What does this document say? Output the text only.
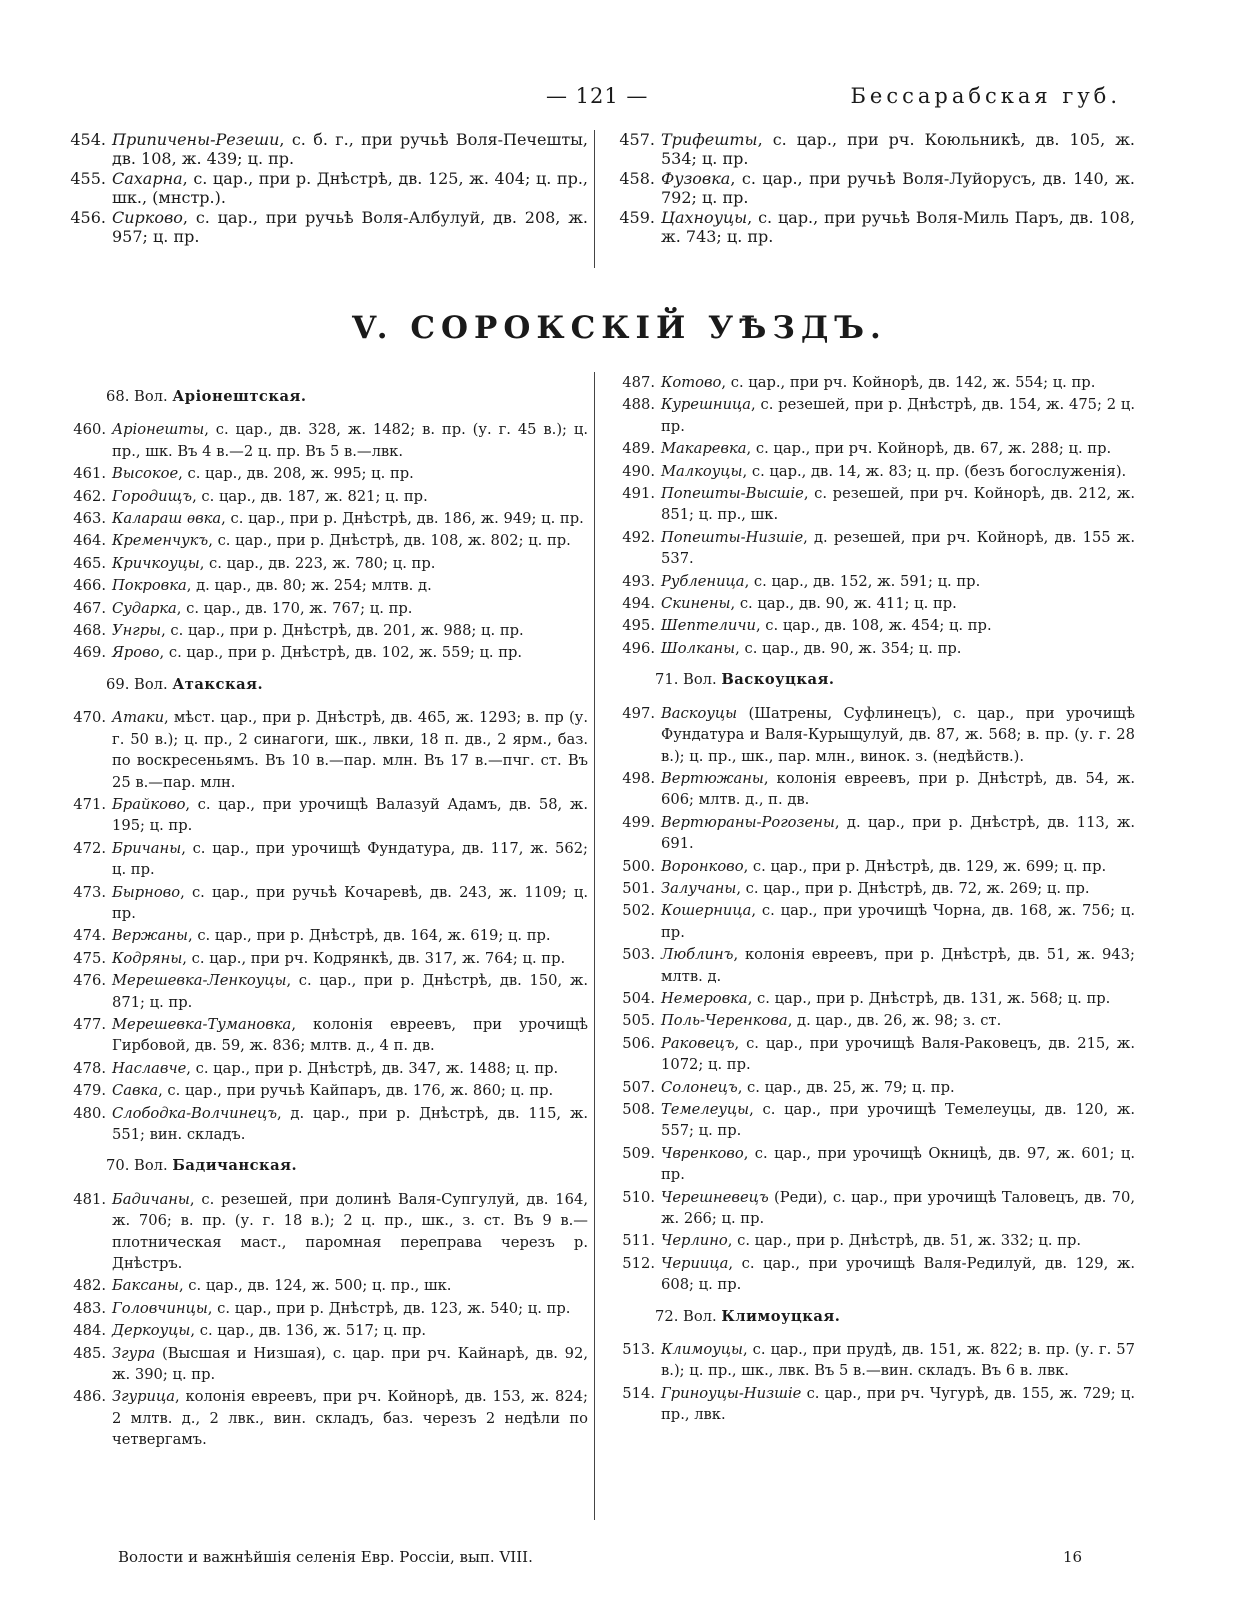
— 121 —	Бессарабская губ.
454. Припичены-Резеши, с. б. г., при ручьѣ Воля-Печешты, дв. 108, ж. 439; ц. пр.
455. Сахарна, с. цар., при р. Днѣстрѣ, дв. 125, ж. 404; ц. пр., шк., (мнстр.).
456. Сирково, с. цар., при ручьѣ Воля-Албулуй, дв. 208, ж. 957; ц. пр.
457. Трифешты, с. цар., при рч. Коюльникѣ, дв. 105, ж. 534; ц. пр.
458. Фузовка, с. цар., при ручьѣ Воля-Луйорусъ, дв. 140, ж. 792; ц. пр.
459. Цахноуцы, с. цар., при ручьѣ Воля-Миль Паръ, дв. 108, ж. 743; ц. пр.
V. СОРОКСКІЙ УѢЗДЪ.
68. Вол. Аріонештская.
460. Аріонешты, с. цар., дв. 328, ж. 1482; в. пр. (у. г. 45 в.); ц. пр., шк. Въ 4 в.—2 ц. пр. Въ 5 в.—лвк.
461. Высокое, с. цар., дв. 208, ж. 995; ц. пр.
462. Городищъ, с. цар., дв. 187, ж. 821; ц. пр.
463. Калараш ѳвка, с. цар., при р. Днѣстрѣ, дв. 186, ж. 949; ц. пр.
464. Кременчукъ, с. цар., при р. Днѣстрѣ, дв. 108, ж. 802; ц. пр.
465. Кричкоуцы, с. цар., дв. 223, ж. 780; ц. пр.
466. Покровка, д. цар., дв. 80; ж. 254; млтв. д.
467. Сударка, с. цар., дв. 170, ж. 767; ц. пр.
468. Унгры, с. цар., при р. Днѣстрѣ, дв. 201, ж. 988; ц. пр.
469. Ярово, с. цар., при р. Днѣстрѣ, дв. 102, ж. 559; ц. пр.
69. Вол. Атакская.
470. Атаки, мѣст. цар., при р. Днѣстрѣ, дв. 465, ж. 1293; в. пр (у. г. 50 в.); ц. пр., 2 синагоги, шк., лвки, 18 п. дв., 2 ярм., баз. по воскресеньямъ. Въ 10 в.—пар. млн. Въ 17 в.—пчг. ст. Въ 25 в.—пар. млн.
471. Брайково, с. цар., при урочищѣ Валазуй Адамъ, дв. 58, ж. 195; ц. пр.
472. Бричаны, с. цар., при урочищѣ Фундатура, дв. 117, ж. 562; ц. пр.
473. Бырново, с. цар., при ручьѣ Кочаревѣ, дв. 243, ж. 1109; ц. пр.
474. Вержаны, с. цар., при р. Днѣстрѣ, дв. 164, ж. 619; ц. пр.
475. Кодряны, с. цар., при рч. Кодрянкѣ, дв. 317, ж. 764; ц. пр.
476. Мерешевка-Ленкоуцы, с. цар., при р. Днѣстрѣ, дв. 150, ж. 871; ц. пр.
477. Мерешевка-Тумановка, колонія евреевъ, при урочищѣ Гирбовой, дв. 59, ж. 836; млтв. д., 4 п. дв.
478. Наславче, с. цар., при р. Днѣстрѣ, дв. 347, ж. 1488; ц. пр.
479. Савка, с. цар., при ручьѣ Кайпаръ, дв. 176, ж. 860; ц. пр.
480. Слободка-Волчинецъ, д. цар., при р. Днѣстрѣ, дв. 115, ж. 551; вин. складъ.
70. Вол. Бадичанская.
481. Бадичаны, с. резешей, при долинѣ Валя-Супгулуй, дв. 164, ж. 706; в. пр. (у. г. 18 в.); 2 ц. пр., шк., з. ст. Въ 9 в.—плотническая маст., паромная переправа черезъ р. Днѣстръ.
482. Баксаны, с. цар., дв. 124, ж. 500; ц. пр., шк.
483. Головчинцы, с. цар., при р. Днѣстрѣ, дв. 123, ж. 540; ц. пр.
484. Деркоуцы, с. цар., дв. 136, ж. 517; ц. пр.
485. Згура (Высшая и Низшая), с. цар. при рч. Кайнарѣ, дв. 92, ж. 390; ц. пр.
486. Згурица, колонія евреевъ, при рч. Койнорѣ, дв. 153, ж. 824; 2 млтв. д., 2 лвк., вин. складъ, баз. черезъ 2 недѣли по четвергамъ.
487. Котово, с. цар., при рч. Койнорѣ, дв. 142, ж. 554; ц. пр.
488. Курешница, с. резешей, при р. Днѣстрѣ, дв. 154, ж. 475; 2 ц. пр.
489. Макаревка, с. цар., при рч. Койнорѣ, дв. 67, ж. 288; ц. пр.
490. Малкоуцы, с. цар., дв. 14, ж. 83; ц. пр. (безъ богослуженія).
491. Попешты-Высшіе, с. резешей, при рч. Койнорѣ, дв. 212, ж. 851; ц. пр., шк.
492. Попешты-Низшіе, д. резешей, при рч. Койнорѣ, дв. 155 ж. 537.
493. Рубленица, с. цар., дв. 152, ж. 591; ц. пр.
494. Скинены, с. цар., дв. 90, ж. 411; ц. пр.
495. Шептеличи, с. цар., дв. 108, ж. 454; ц. пр.
496. Шолканы, с. цар., дв. 90, ж. 354; ц. пр.
71. Вол. Васкоуцкая.
497. Васкоуцы (Шатрены, Суфлинецъ), с. цар., при урочищѣ Фундатура и Валя-Курыщулуй, дв. 87, ж. 568; в. пр. (у. г. 28 в.); ц. пр., шк., пар. млн., винок. з. (недѣйств.).
498. Вертюжаны, колонія евреевъ, при р. Днѣстрѣ, дв. 54, ж. 606; млтв. д., п. дв.
499. Вертюраны-Рогозены, д. цар., при р. Днѣстрѣ, дв. 113, ж. 691.
500. Воронково, с. цар., при р. Днѣстрѣ, дв. 129, ж. 699; ц. пр.
501. Залучаны, с. цар., при р. Днѣстрѣ, дв. 72, ж. 269; ц. пр.
502. Кошерница, с. цар., при урочищѣ Чорна, дв. 168, ж. 756; ц. пр.
503. Люблинъ, колонія евреевъ, при р. Днѣстрѣ, дв. 51, ж. 943; млтв. д.
504. Немеровка, с. цар., при р. Днѣстрѣ, дв. 131, ж. 568; ц. пр.
505. Поль-Черенкова, д. цар., дв. 26, ж. 98; з. ст.
506. Раковецъ, с. цар., при урочищѣ Валя-Раковецъ, дв. 215, ж. 1072; ц. пр.
507. Солонецъ, с. цар., дв. 25, ж. 79; ц. пр.
508. Темелеуцы, с. цар., при урочищѣ Темелеуцы, дв. 120, ж. 557; ц. пр.
509. Чвренково, с. цар., при урочищѣ Окницѣ, дв. 97, ж. 601; ц. пр.
510. Черешневецъ (Реди), с. цар., при урочищѣ Таловецъ, дв. 70, ж. 266; ц. пр.
511. Черлино, с. цар., при р. Днѣстрѣ, дв. 51, ж. 332; ц. пр.
512. Чериица, с. цар., при урочищѣ Валя-Редилуй, дв. 129, ж. 608; ц. пр.
72. Вол. Климоуцкая.
513. Климоуцы, с. цар., при прудѣ, дв. 151, ж. 822; в. пр. (у. г. 57 в.); ц. пр., шк., лвк. Въ 5 в.—вин. складъ. Въ 6 в. лвк.
514. Гриноуцы-Низшіе с. цар., при рч. Чугурѣ, дв. 155, ж. 729; ц. пр., лвк.
Волости и важнѣйшія селенія Евр. Россіи, вып. VIII.	16
